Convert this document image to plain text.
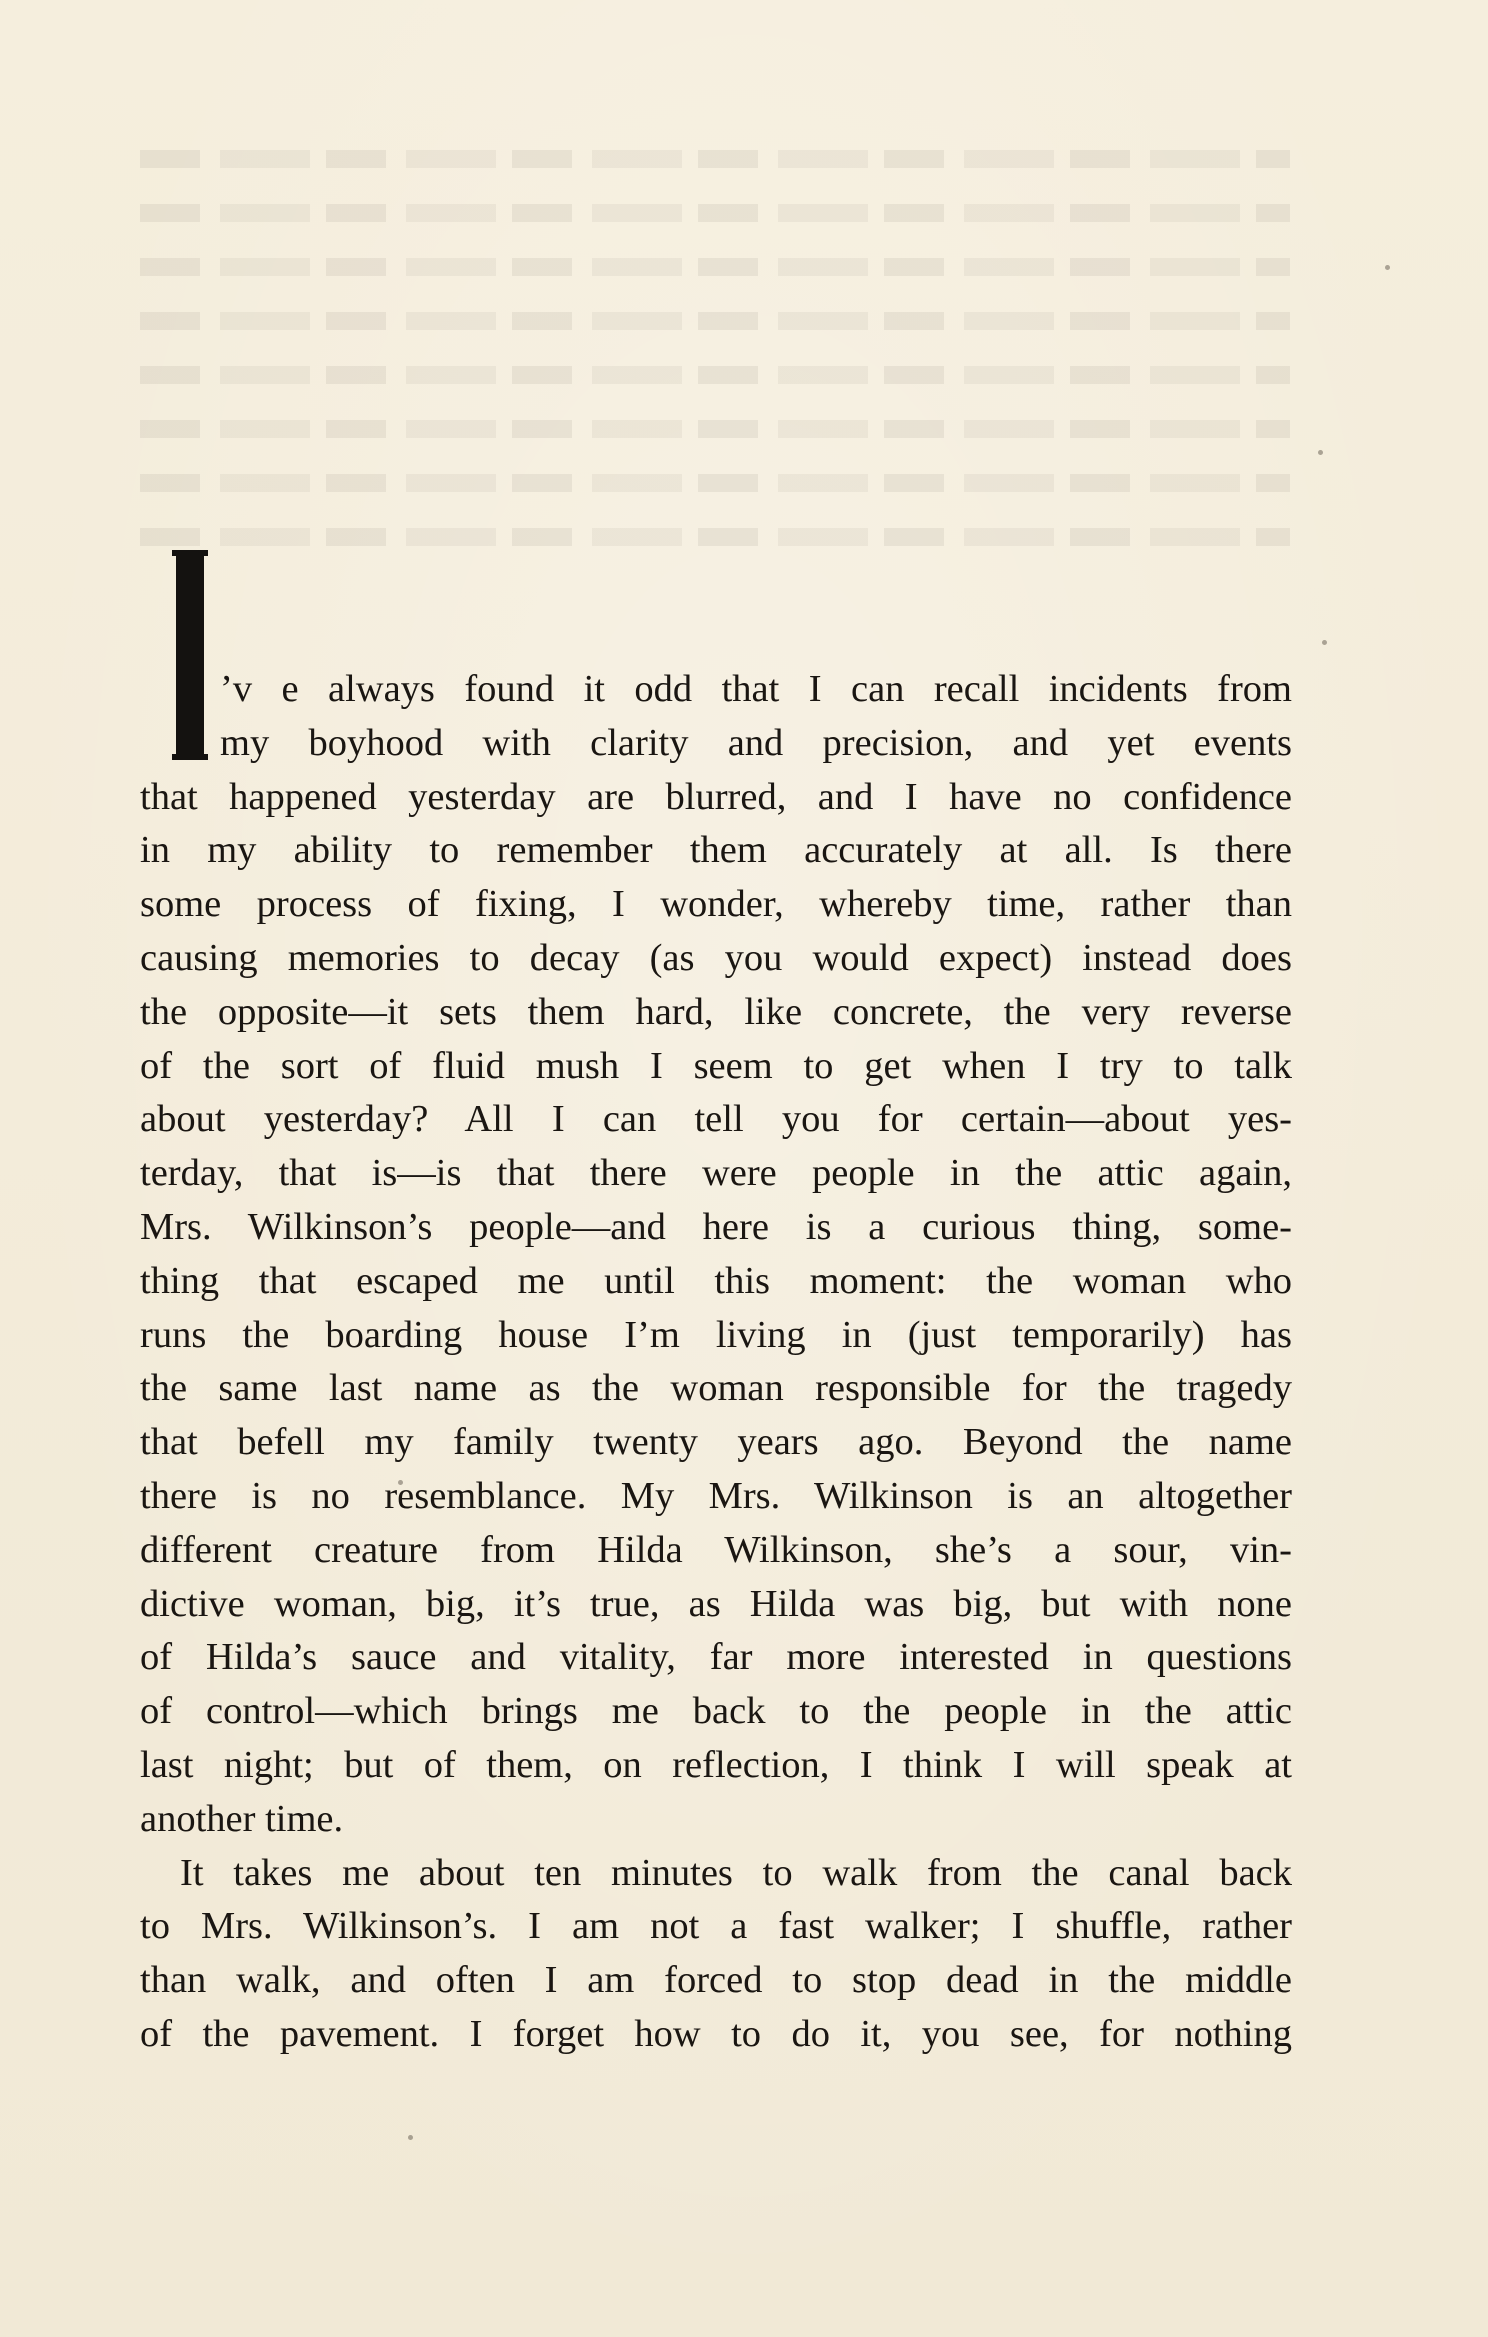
’v e always found it odd that I can recall incidents from
my boyhood with clarity and precision, and yet events
that happened yesterday are blurred, and I have no confidence
in my ability to remember them accurately at all. Is there
some process of fixing, I wonder, whereby time, rather than
causing memories to decay (as you would expect) instead does
the opposite—it sets them hard, like concrete, the very reverse
of the sort of fluid mush I seem to get when I try to talk
about yesterday? All I can tell you for certain—about yes-
terday, that is—is that there were people in the attic again,
Mrs. Wilkinson’s people—and here is a curious thing, some-
thing that escaped me until this moment: the woman who
runs the boarding house I’m living in (just temporarily) has
the same last name as the woman responsible for the tragedy
that befell my family twenty years ago. Beyond the name
there is no resemblance. My Mrs. Wilkinson is an altogether
different creature from Hilda Wilkinson, she’s a sour, vin-
dictive woman, big, it’s true, as Hilda was big, but with none
of Hilda’s sauce and vitality, far more interested in questions
of control—which brings me back to the people in the attic
last night; but of them, on reflection, I think I will speak at
another time.
It takes me about ten minutes to walk from the canal back
to Mrs. Wilkinson’s. I am not a fast walker; I shuffle, rather
than walk, and often I am forced to stop dead in the middle
of the pavement. I forget how to do it, you see, for nothing
